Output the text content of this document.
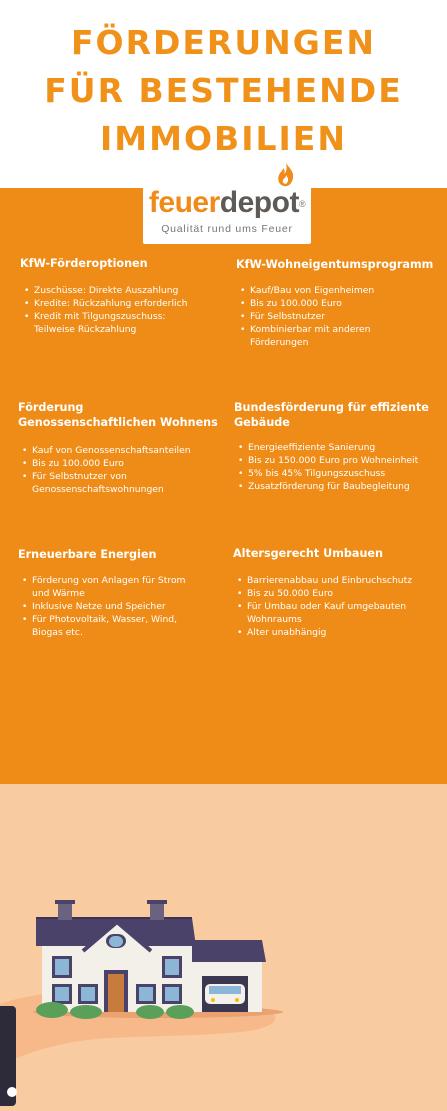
FÖRDERUNGEN
FÜR BESTEHENDE
IMMOBILIEN
feuerdepot®
Qualität rund ums Feuer
KfW-Förderoptionen
• Zuschüsse: Direkte Auszahlung
• Kredite: Rückzahlung erforderlich
• Kredit mit Tilgungszuschuss:
Teilweise Rückzahlung
KfW-Wohneigentumsprogramm
• Kauf/Bau von Eigenheimen
• Bis zu 100.000 Euro
• Für Selbstnutzer
• Kombinierbar mit anderen
Förderungen
Förderung
Genossenschaftlichen Wohnens
• Kauf von Genossenschaftsanteilen
• Bis zu 100.000 Euro
• Für Selbstnutzer von
Genossenschaftswohnungen
Bundesförderung für effiziente
Gebäude
• Energieeffiziente Sanierung
• Bis zu 150.000 Euro pro Wohneinheit
• 5% bis 45% Tilgungszuschuss
• Zusatzförderung für Baubegleitung
Erneuerbare Energien
• Förderung von Anlagen für Strom
und Wärme
• Inklusive Netze und Speicher
• Für Photovoltaik, Wasser, Wind,
Biogas etc.
Altersgerecht Umbauen
• Barrierenabbau und Einbruchschutz
• Bis zu 50.000 Euro
• Für Umbau oder Kauf umgebauten
Wohnraums
• Alter unabhängig
